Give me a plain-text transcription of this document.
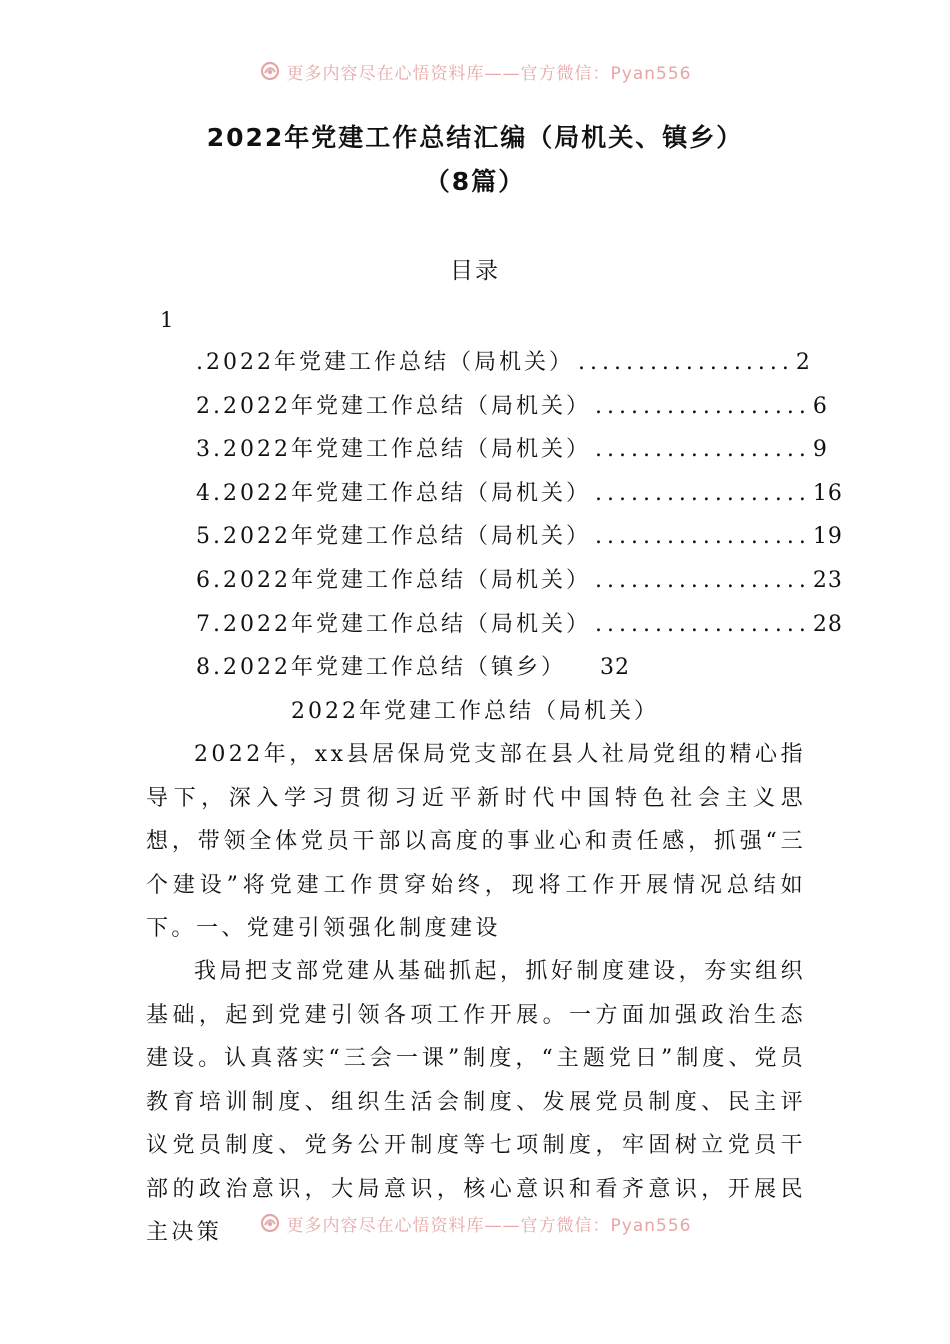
更多内容尽在心悟资料库——官方微信：Pyan556
2022年党建工作总结汇编（局机关、镇乡）
（8篇）
目录
1
.2022年党建工作总结（局机关） .................. 2
2.2022年党建工作总结（局机关） .................. 6
3.2022年党建工作总结（局机关） .................. 9
4.2022年党建工作总结（局机关） .................. 16
5.2022年党建工作总结（局机关） .................. 19
6.2022年党建工作总结（局机关） .................. 23
7.2022年党建工作总结（局机关） .................. 28
8.2022年党建工作总结（镇乡）	32
2022年党建工作总结（局机关）
2022年，xx县居保局党支部在县人社局党组的精心指导下，深入学习贯彻习近平新时代中国特色社会主义思想，带领全体党员干部以高度的事业心和责任感，抓强“三个建设”将党建工作贯穿始终，现将工作开展情况总结如下。 一、党建引领强化制度建设
我局把支部党建从基础抓起，抓好制度建设，夯实组织基础，起到党建引领各项工作开展。一方面加强政治生态建设。认真落实“三会一课”制度，“主题党日”制度、党员教育培训制度、组织生活会制度、发展党员制度、民主评议党员制度、党务公开制度等七项制度，牢固树立党员干部的政治意识，大局意识，核心意识和看齐意识，开展民主决策	更多内容尽在心悟资料库——官方微信：Pyan556
